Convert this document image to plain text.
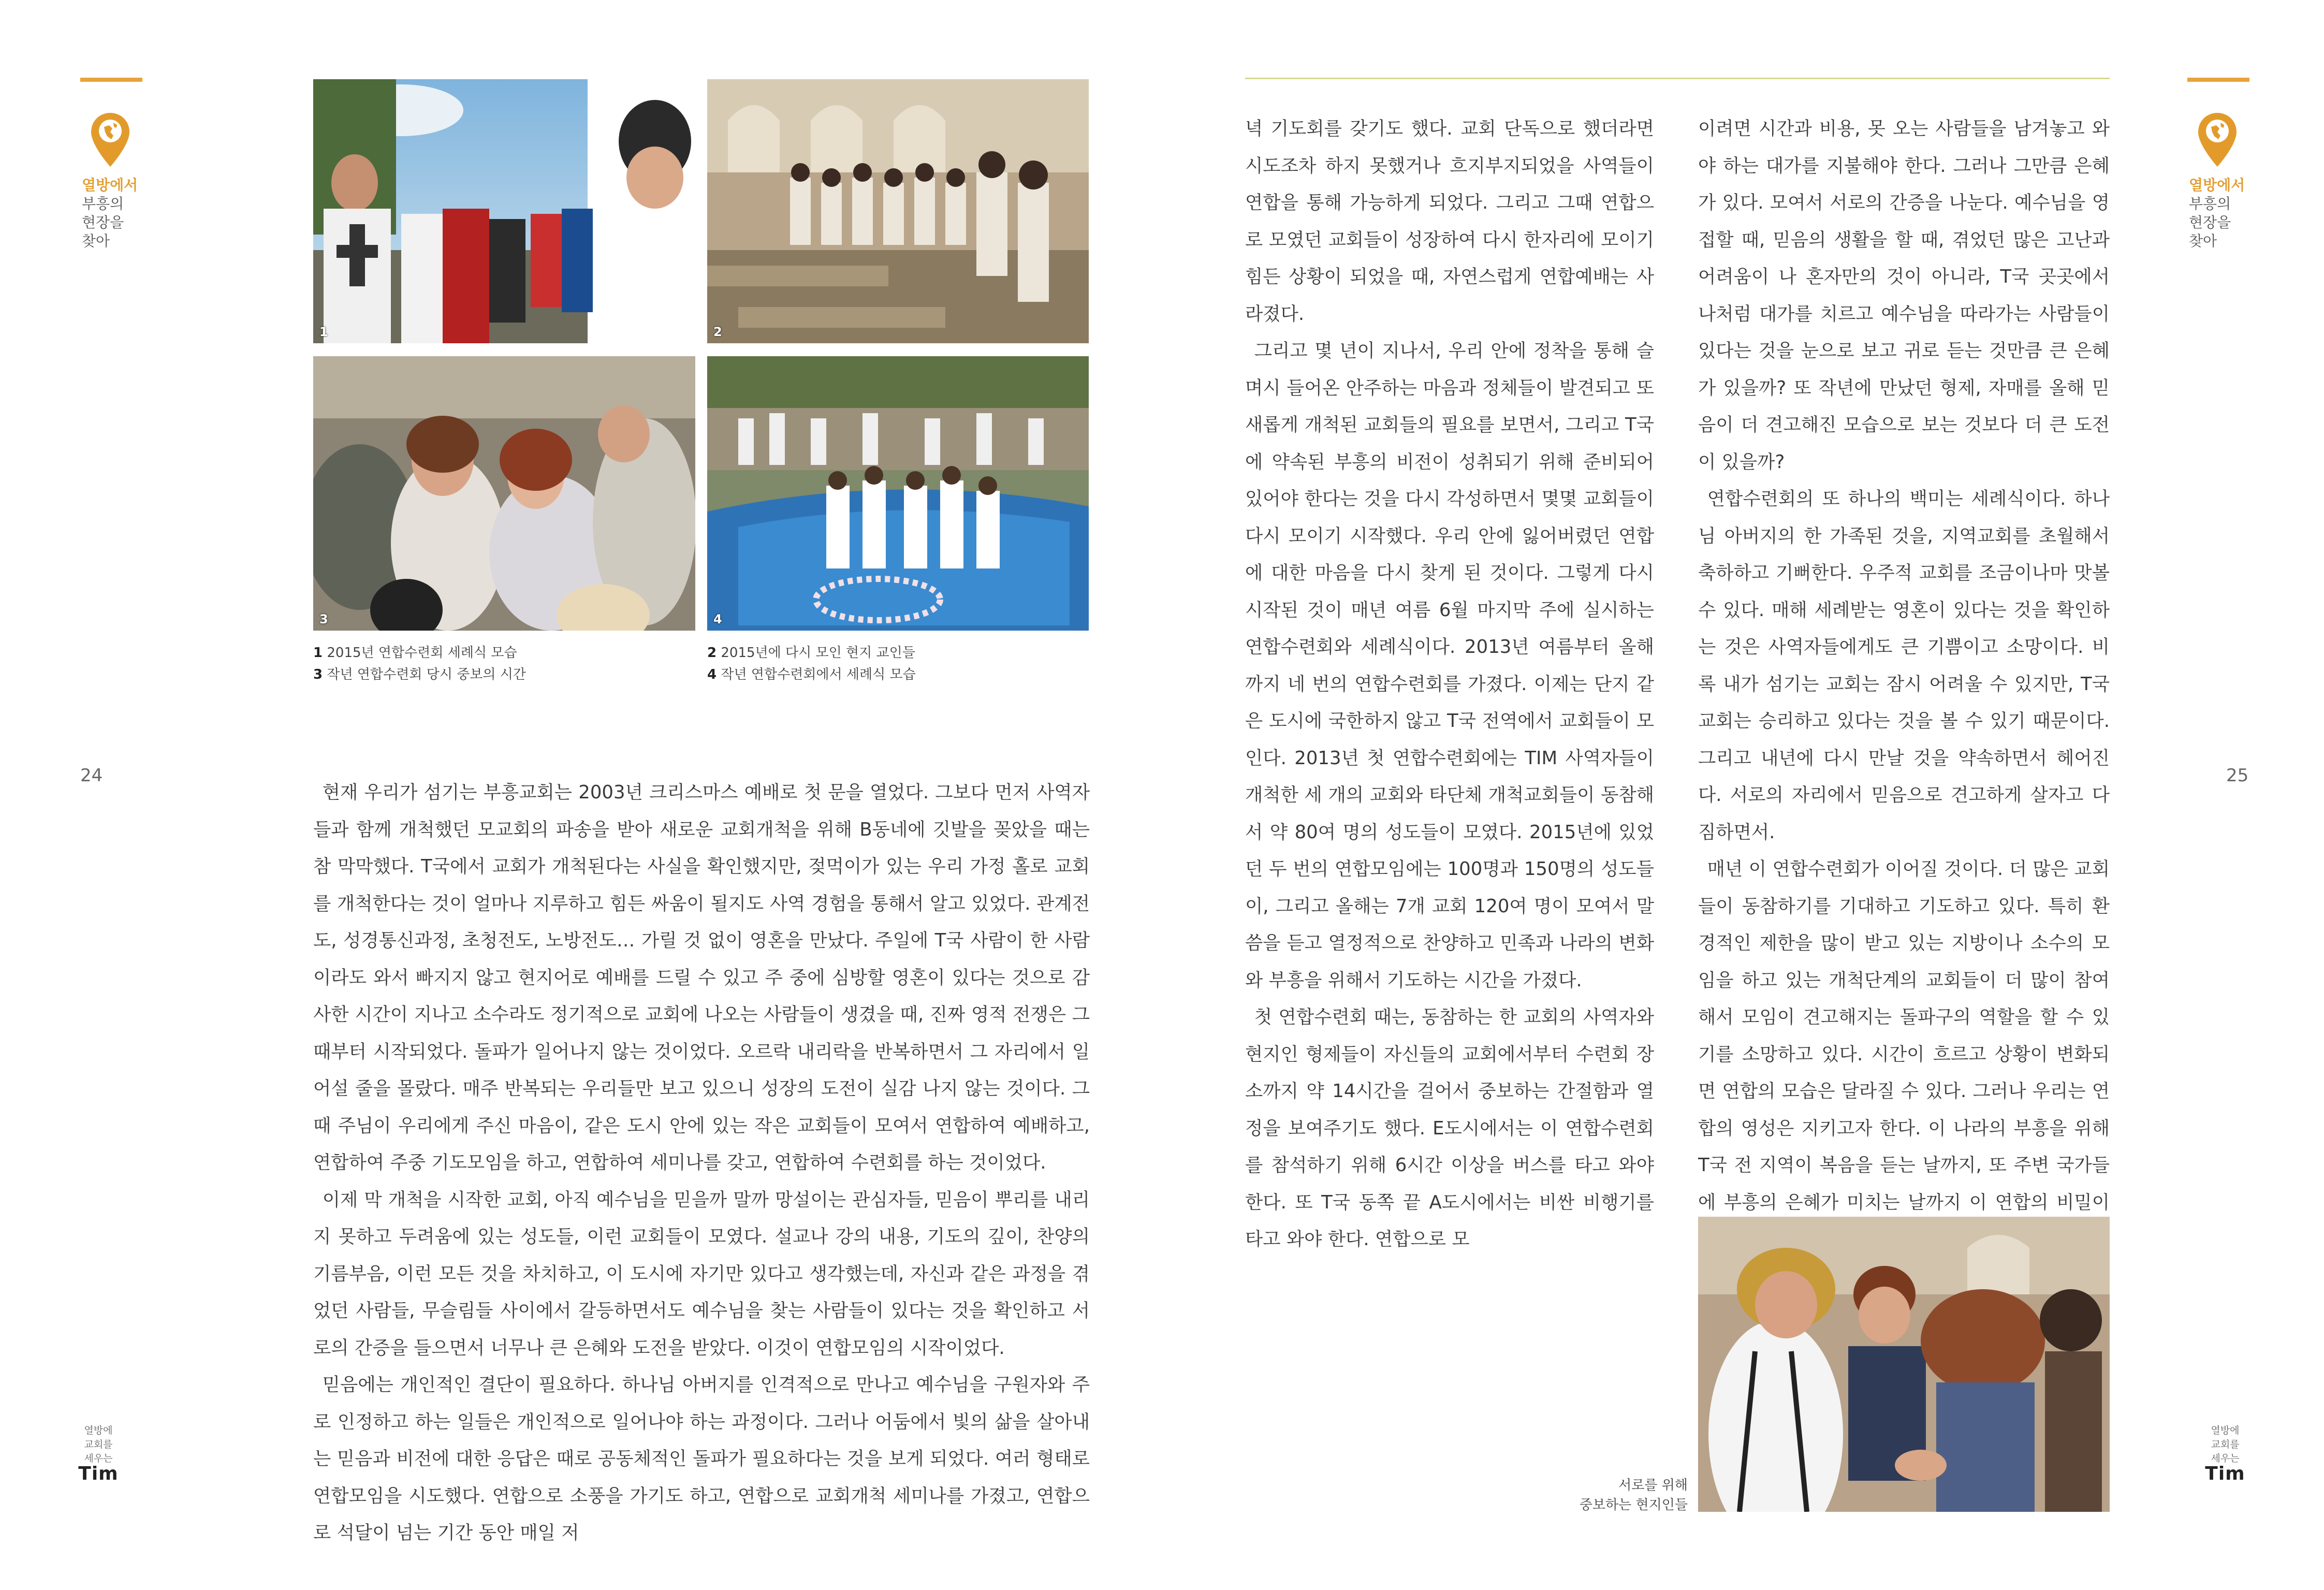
열방에서
부흥의
현장을
찾아
24
열방에
교회를
세우는
Tim
1	2
3	4
1 2015년 연합수련회 세례식 모습
3 작년 연합수련회 당시 중보의 시간
2 2015년에 다시 모인 현지 교인들
4 작년 연합수련회에서 세례식 모습

현재 우리가 섬기는 부흥교회는 2003년 크리스마스 예배로 첫 문을 열었다. 그보다 먼저 사역자들과 함께 개척했던 모교회의 파송을 받아 새로운 교회개척을 위해 B동네에 깃발을 꽂았을 때는 참 막막했다. T국에서 교회가 개척된다는 사실을 확인했지만, 젖먹이가 있는 우리 가정 홀로 교회를 개척한다는 것이 얼마나 지루하고 힘든 싸움이 될지도 사역 경험을 통해서 알고 있었다. 관계전도, 성경통신과정, 초청전도, 노방전도… 가릴 것 없이 영혼을 만났다. 주일에 T국 사람이 한 사람이라도 와서 빠지지 않고 현지어로 예배를 드릴 수 있고 주 중에 심방할 영혼이 있다는 것으로 감사한 시간이 지나고 소수라도 정기적으로 교회에 나오는 사람들이 생겼을 때, 진짜 영적 전쟁은 그때부터 시작되었다. 돌파가 일어나지 않는 것이었다. 오르락 내리락을 반복하면서 그 자리에서 일어설 줄을 몰랐다. 매주 반복되는 우리들만 보고 있으니 성장의 도전이 실감 나지 않는 것이다. 그때 주님이 우리에게 주신 마음이, 같은 도시 안에 있는 작은 교회들이 모여서 연합하여 예배하고, 연합하여 주중 기도모임을 하고, 연합하여 세미나를 갖고, 연합하여 수련회를 하는 것이었다.

이제 막 개척을 시작한 교회, 아직 예수님을 믿을까 말까 망설이는 관심자들, 믿음이 뿌리를 내리지 못하고 두려움에 있는 성도들, 이런 교회들이 모였다. 설교나 강의 내용, 기도의 깊이, 찬양의 기름부음, 이런 모든 것을 차치하고, 이 도시에 자기만 있다고 생각했는데, 자신과 같은 과정을 겪었던 사람들, 무슬림들 사이에서 갈등하면서도 예수님을 찾는 사람들이 있다는 것을 확인하고 서로의 간증을 들으면서 너무나 큰 은혜와 도전을 받았다. 이것이 연합모임의 시작이었다.

믿음에는 개인적인 결단이 필요하다. 하나님 아버지를 인격적으로 만나고 예수님을 구원자와 주로 인정하고 하는 일들은 개인적으로 일어나야 하는 과정이다. 그러나 어둠에서 빛의 삶을 살아내는 믿음과 비전에 대한 응답은 때로 공동체적인 돌파가 필요하다는 것을 보게 되었다. 여러 형태로 연합모임을 시도했다. 연합으로 소풍을 가기도 하고, 연합으로 교회개척 세미나를 가졌고, 연합으로 석달이 넘는 기간 동안 매일 저

열방에서
부흥의
현장을
찾아
25
열방에
교회를
세우는
Tim

녁 기도회를 갖기도 했다. 교회 단독으로 했더라면 시도조차 하지 못했거나 흐지부지되었을 사역들이 연합을 통해 가능하게 되었다. 그리고 그때 연합으로 모였던 교회들이 성장하여 다시 한자리에 모이기 힘든 상황이 되었을 때, 자연스럽게 연합예배는 사라졌다.

그리고 몇 년이 지나서, 우리 안에 정착을 통해 슬며시 들어온 안주하는 마음과 정체들이 발견되고 또 새롭게 개척된 교회들의 필요를 보면서, 그리고 T국에 약속된 부흥의 비전이 성취되기 위해 준비되어 있어야 한다는 것을 다시 각성하면서 몇몇 교회들이 다시 모이기 시작했다. 우리 안에 잃어버렸던 연합에 대한 마음을 다시 찾게 된 것이다. 그렇게 다시 시작된 것이 매년 여름 6월 마지막 주에 실시하는 연합수련회와 세례식이다. 2013년 여름부터 올해까지 네 번의 연합수련회를 가졌다. 이제는 단지 같은 도시에 국한하지 않고 T국 전역에서 교회들이 모인다. 2013년 첫 연합수련회에는 TIM 사역자들이 개척한 세 개의 교회와 타단체 개척교회들이 동참해서 약 80여 명의 성도들이 모였다. 2015년에 있었던 두 번의 연합모임에는 100명과 150명의 성도들이, 그리고 올해는 7개 교회 120여 명이 모여서 말씀을 듣고 열정적으로 찬양하고 민족과 나라의 변화와 부흥을 위해서 기도하는 시간을 가졌다.

첫 연합수련회 때는, 동참하는 한 교회의 사역자와 현지인 형제들이 자신들의 교회에서부터 수련회 장소까지 약 14시간을 걸어서 중보하는 간절함과 열정을 보여주기도 했다. E도시에서는 이 연합수련회를 참석하기 위해 6시간 이상을 버스를 타고 와야 한다. 또 T국 동쪽 끝 A도시에서는 비싼 비행기를 타고 와야 한다. 연합으로 모

이려면 시간과 비용, 못 오는 사람들을 남겨놓고 와야 하는 대가를 지불해야 한다. 그러나 그만큼 은혜가 있다. 모여서 서로의 간증을 나눈다. 예수님을 영접할 때, 믿음의 생활을 할 때, 겪었던 많은 고난과 어려움이 나 혼자만의 것이 아니라, T국 곳곳에서 나처럼 대가를 치르고 예수님을 따라가는 사람들이 있다는 것을 눈으로 보고 귀로 듣는 것만큼 큰 은혜가 있을까? 또 작년에 만났던 형제, 자매를 올해 믿음이 더 견고해진 모습으로 보는 것보다 더 큰 도전이 있을까?

연합수련회의 또 하나의 백미는 세례식이다. 하나님 아버지의 한 가족된 것을, 지역교회를 초월해서 축하하고 기뻐한다. 우주적 교회를 조금이나마 맛볼 수 있다. 매해 세례받는 영혼이 있다는 것을 확인하는 것은 사역자들에게도 큰 기쁨이고 소망이다. 비록 내가 섬기는 교회는 잠시 어려울 수 있지만, T국 교회는 승리하고 있다는 것을 볼 수 있기 때문이다. 그리고 내년에 다시 만날 것을 약속하면서 헤어진다. 서로의 자리에서 믿음으로 견고하게 살자고 다짐하면서.

매년 이 연합수련회가 이어질 것이다. 더 많은 교회들이 동참하기를 기대하고 기도하고 있다. 특히 환경적인 제한을 많이 받고 있는 지방이나 소수의 모임을 하고 있는 개척단계의 교회들이 더 많이 참여해서 모임이 견고해지는 돌파구의 역할을 할 수 있기를 소망하고 있다. 시간이 흐르고 상황이 변화되면 연합의 모습은 달라질 수 있다. 그러나 우리는 연합의 영성은 지키고자 한다. 이 나라의 부흥을 위해 T국 전 지역이 복음을 듣는 날까지, 또 주변 국가들에 부흥의 은혜가 미치는 날까지 이 연합의 비밀이

서로를 위해
중보하는 현지인들
